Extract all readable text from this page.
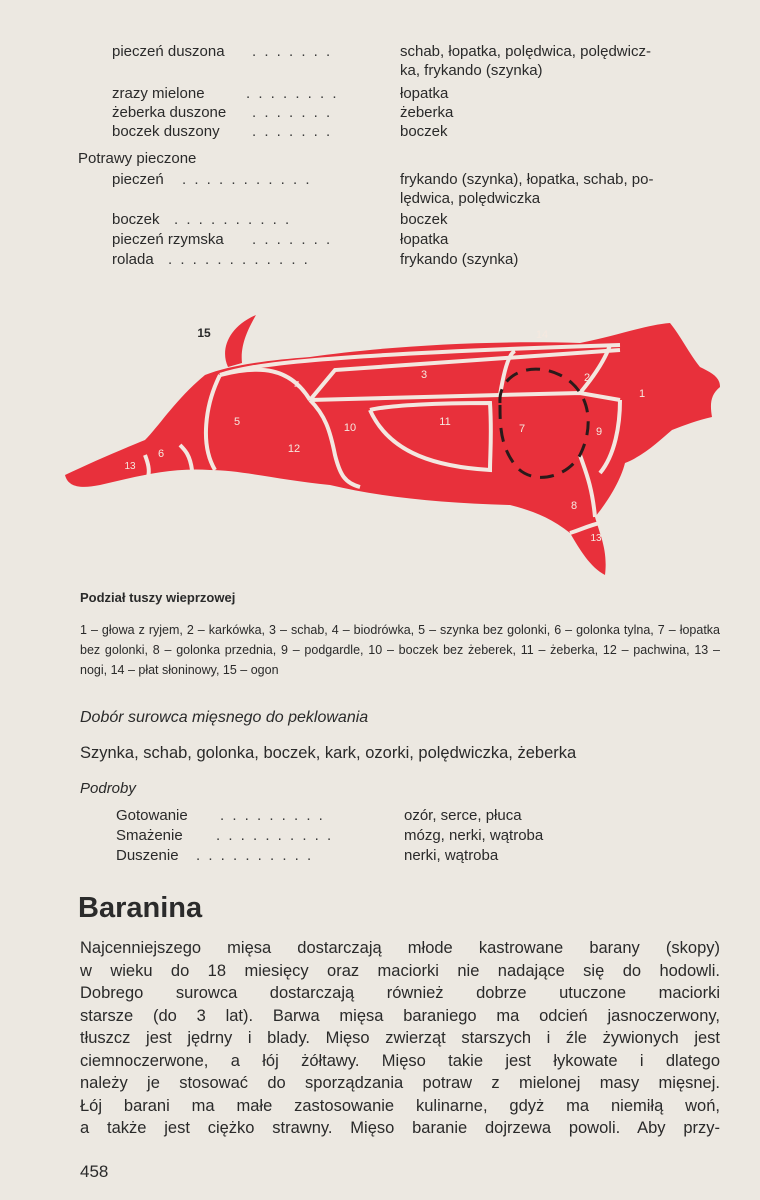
pieczeń duszona . . . . . . .	schab, łopatka, polędwica, polędwicz-
ka, frykando (szynka)
zrazy mielone	. . . . . . . .	łopatka
żeberka duszone . . . . . . .	żeberka
boczek duszony . . . . . . .	boczek
Potrawy pieczone
pieczeń . . . . . . . . . . .	frykando (szynka), łopatka, schab, po-
lędwica, polędwiczka
boczek . . . . . . . . . .	boczek
pieczeń rzymska . . . . . . .	łopatka
rolada . . . . . . . . . . . .	frykando (szynka)
1
2
3
4
5
6
7
8
9
10	11
12
13
14
13
15
Podział tuszy wieprzowej
1 – głowa z ryjem, 2 – karkówka, 3 – schab, 4 – biodrówka, 5 – szynka bez golonki, 6 – golonka tylna, 7 – łopatka bez golonki, 8 – golonka przednia, 9 – podgardle, 10 – boczek bez żeberek, 11 – żeberka, 12 – pachwina, 13 – nogi, 14 – płat słoninowy, 15 – ogon
Dobór surowca mięsnego do peklowania
Szynka, schab, golonka, boczek, kark, ozorki, polędwiczka, żeberka
Podroby
Gotowanie . . . . . . . . .	ozór, serce, płuca
Smażenie . . . . . . . . . .	mózg, nerki, wątroba
Duszenie . . . . . . . . . .	nerki, wątroba
Baranina
Najcenniejszego mięsa dostarczają młode kastrowane barany (skopy)
w wieku do 18 miesięcy oraz maciorki nie nadające się do hodowli.
Dobrego surowca dostarczają również dobrze utuczone maciorki
starsze (do 3 lat). Barwa mięsa baraniego ma odcień jasnoczerwony,
tłuszcz jest jędrny i blady. Mięso zwierząt starszych i źle żywionych jest
ciemnoczerwone, a łój żółtawy. Mięso takie jest łykowate i dlatego
należy je stosować do sporządzania potraw z mielonej masy mięsnej.
Łój barani ma małe zastosowanie kulinarne, gdyż ma niemiłą woń,
a także jest ciężko strawny. Mięso baranie dojrzewa powoli. Aby przy-
458
